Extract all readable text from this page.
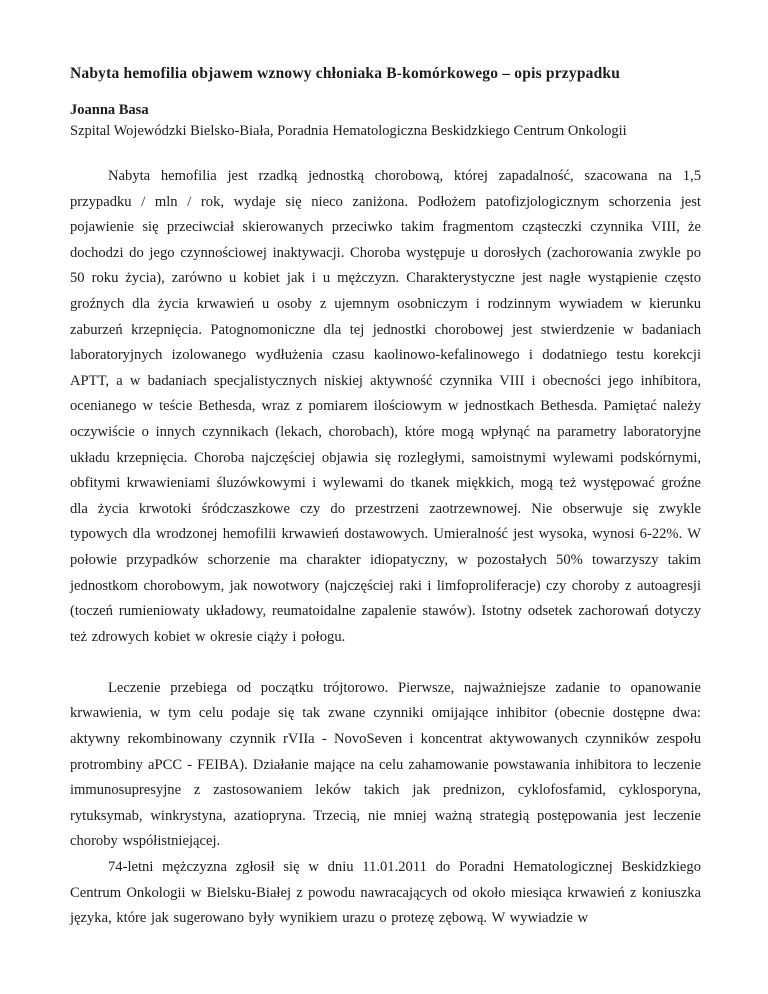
Nabyta hemofilia objawem wznowy chłoniaka B-komórkowego – opis przypadku

Joanna Basa

Szpital Wojewódzki Bielsko-Biała, Poradnia Hematologiczna Beskidzkiego Centrum Onkologii

Nabyta hemofilia jest rzadką jednostką chorobową, której zapadalność, szacowana na 1,5 przypadku / mln / rok, wydaje się nieco zaniżona. Podłożem patofizjologicznym schorzenia jest pojawienie się przeciwciał skierowanych przeciwko takim fragmentom cząsteczki czynnika VIII, że dochodzi do jego czynnościowej inaktywacji. Choroba występuje u dorosłych (zachorowania zwykle po 50 roku życia), zarówno u kobiet jak i u mężczyzn. Charakterystyczne jest nagłe wystąpienie często groźnych dla życia krwawień u osoby z ujemnym osobniczym i rodzinnym wywiadem w kierunku zaburzeń krzepnięcia. Patognomoniczne dla tej jednostki chorobowej jest stwierdzenie w badaniach laboratoryjnych izolowanego wydłużenia czasu kaolinowo-kefalinowego i dodatniego testu korekcji APTT, a w badaniach specjalistycznych niskiej aktywność czynnika VIII i obecności jego inhibitora, ocenianego w teście Bethesda, wraz z pomiarem ilościowym w jednostkach Bethesda. Pamiętać należy oczywiście o innych czynnikach (lekach, chorobach), które mogą wpłynąć na parametry laboratoryjne układu krzepnięcia. Choroba najczęściej objawia się rozległymi, samoistnymi wylewami podskórnymi, obfitymi krwawieniami śluzówkowymi i wylewami do tkanek miękkich, mogą też występować groźne dla życia krwotoki śródczaszkowe czy do przestrzeni zaotrzewnowej. Nie obserwuje się zwykle typowych dla wrodzonej hemofilii krwawień dostawowych. Umieralność jest wysoka, wynosi 6-22%. W połowie przypadków schorzenie ma charakter idiopatyczny, w pozostałych 50% towarzyszy takim jednostkom chorobowym, jak nowotwory (najczęściej raki i limfoproliferacje) czy choroby z autoagresji (toczeń rumieniowaty układowy, reumatoidalne zapalenie stawów). Istotny odsetek zachorowań dotyczy też zdrowych kobiet w okresie ciąży i połogu.

Leczenie przebiega od początku trójtorowo. Pierwsze, najważniejsze zadanie to opanowanie krwawienia, w tym celu podaje się tak zwane czynniki omijające inhibitor (obecnie dostępne dwa: aktywny rekombinowany czynnik rVIIa - NovoSeven i koncentrat aktywowanych czynników zespołu protrombiny aPCC - FEIBA). Działanie mające na celu zahamowanie powstawania inhibitora to leczenie immunosupresyjne z zastosowaniem leków takich jak prednizon, cyklofosfamid, cyklosporyna, rytuksymab, winkrystyna, azatiopryna. Trzecią, nie mniej ważną strategią postępowania jest leczenie choroby współistniejącej.

74-letni mężczyzna zgłosił się w dniu 11.01.2011 do Poradni Hematologicznej Beskidzkiego Centrum Onkologii w Bielsku-Białej z powodu nawracających od około miesiąca krwawień z koniuszka języka, które jak sugerowano były wynikiem urazu o protezę zębową. W wywiadzie w
